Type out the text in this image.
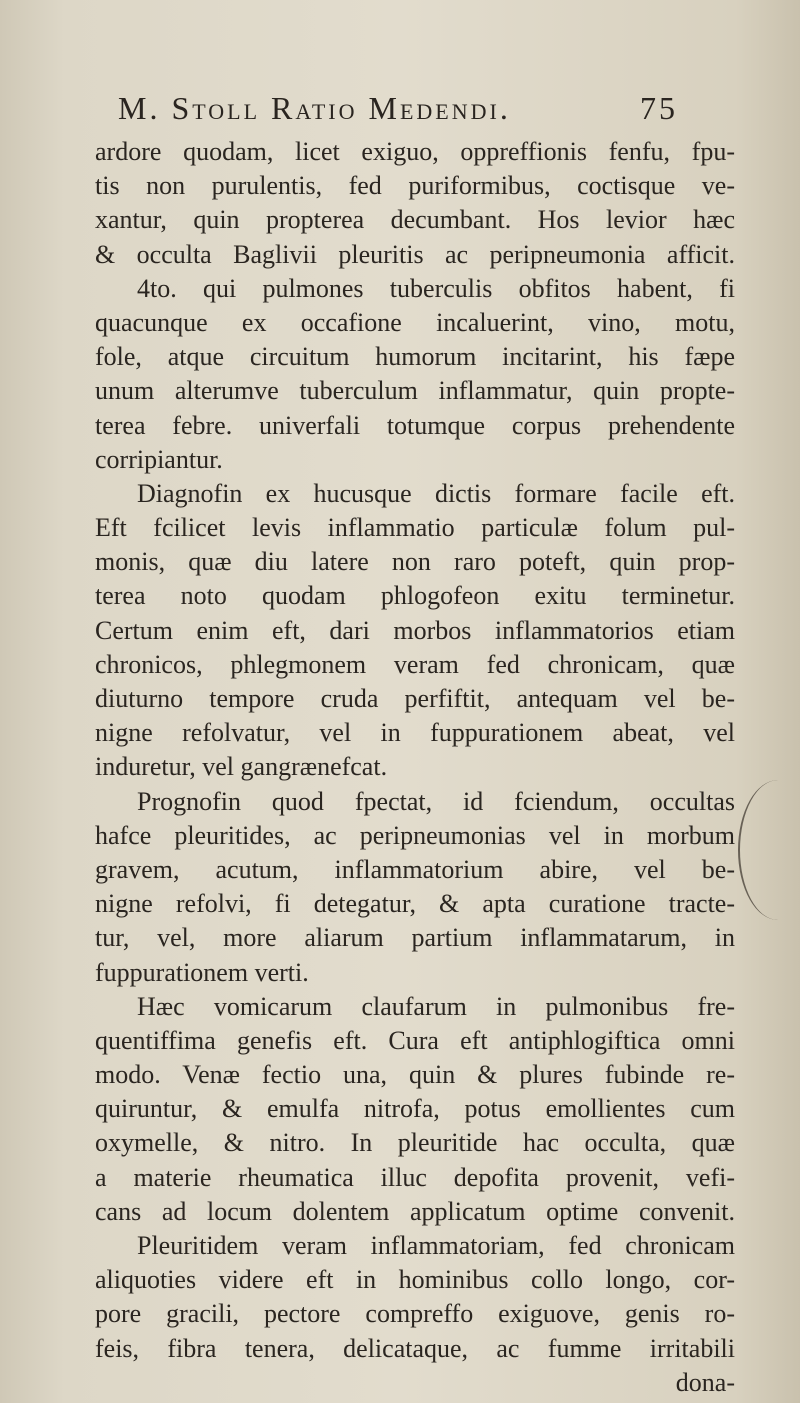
M. Stoll Ratio Medendi.	75
ardore quodam, licet exiguo, oppreffionis fenfu, fpu-
tis non purulentis, fed puriformibus, coctisque ve-
xantur, quin propterea decumbant. Hos levior hæc
& occulta Baglivii pleuritis ac peripneumonia afficit.
4to. qui pulmones tuberculis obfitos habent, fi
quacunque ex occafione incaluerint, vino, motu,
fole, atque circuitum humorum incitarint, his fæpe
unum alterumve tuberculum inflammatur, quin propte-
terea febre. univerfali totumque corpus prehendente
corripiantur.
Diagnofin ex hucusque dictis formare facile eft.
Eft fcilicet levis inflammatio particulæ folum pul-
monis, quæ diu latere non raro poteft, quin prop-
terea noto quodam phlogofeon exitu terminetur.
Certum enim eft, dari morbos inflammatorios etiam
chronicos, phlegmonem veram fed chronicam, quæ
diuturno tempore cruda perfiftit, antequam vel be-
nigne refolvatur, vel in fuppurationem abeat, vel
induretur, vel gangrænefcat.
Prognofin quod fpectat, id fciendum, occultas
hafce pleuritides, ac peripneumonias vel in morbum
gravem, acutum, inflammatorium abire, vel be-
nigne refolvi, fi detegatur, & apta curatione tracte-
tur, vel, more aliarum partium inflammatarum, in
fuppurationem verti.
Hæc vomicarum claufarum in pulmonibus fre-
quentiffima genefis eft. Cura eft antiphlogiftica omni
modo. Venæ fectio una, quin & plures fubinde re-
quiruntur, & emulfa nitrofa, potus emollientes cum
oxymelle, & nitro. In pleuritide hac occulta, quæ
a materie rheumatica illuc depofita provenit, vefi-
cans ad locum dolentem applicatum optime convenit.
Pleuritidem veram inflammatoriam, fed chronicam
aliquoties videre eft in hominibus collo longo, cor-
pore gracili, pectore compreffo exiguove, genis ro-
feis, fibra tenera, delicataque, ac fumme irritabili
dona-
